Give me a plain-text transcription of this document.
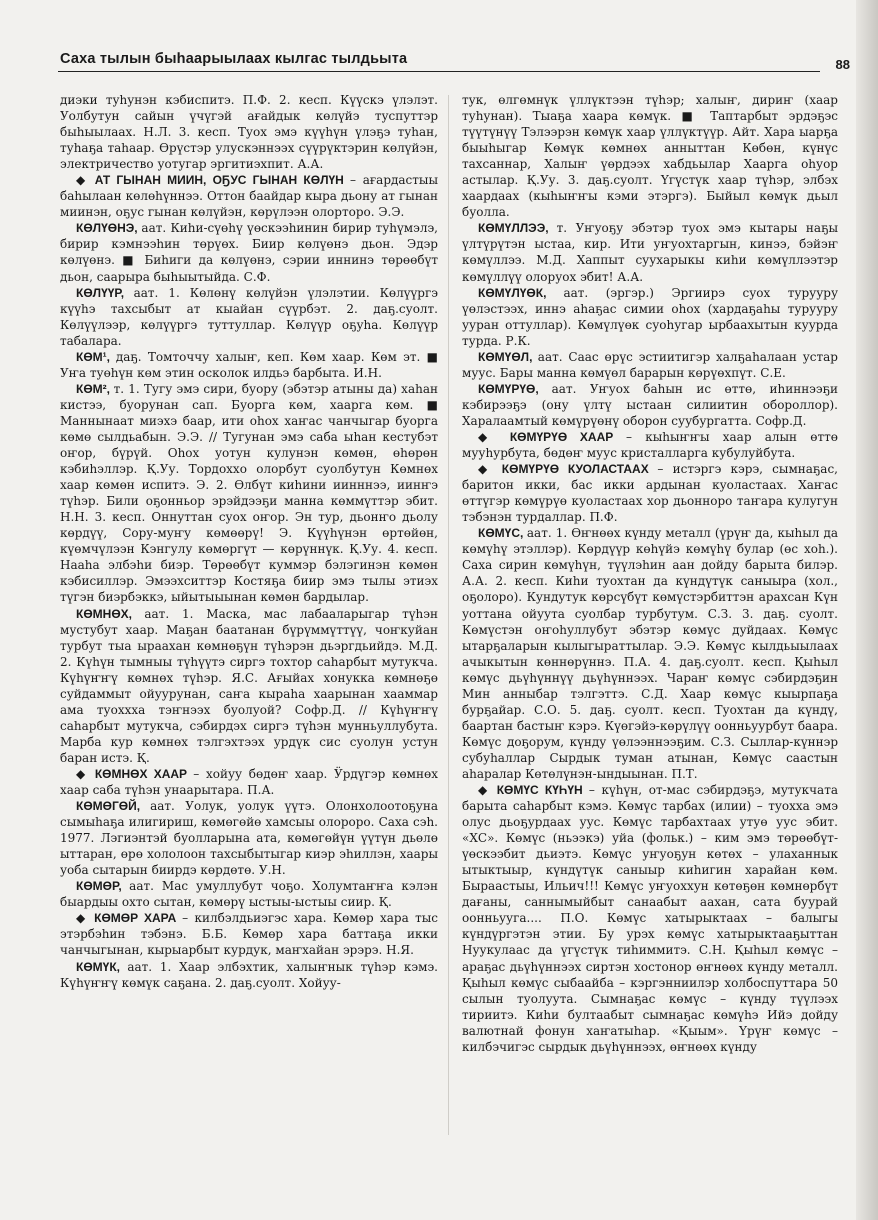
Саха тылын быһаарыылаах кылгас тылдьыта	88

диэки туһунэн кэбиспитэ. П.Ф. 2. кесп. Күүскэ үлэлэт. Уолбутун сайын үчүгэй ағайдык көлүйэ туспуттэр быһыылаах. Н.Л. 3. кесп. Туох эмэ күүһүн үлэҕэ туһан, туһаҕа таһаар. Өрүстэр улускэннээх сүүрүктэрин көлүйэн, электричество уотугар эргитиэхпит. А.А.

◆ АТ ГЫНАН МИИН, ОҔУС ГЫНАН КӨЛҮН – ағардастыы баһылаан көлөһүннээ. Оттон баайдар кыра дьону ат гынан миинэн, оҕус гынан көлүйэн, көрүлээн олорторо. Э.Э.

КӨЛҮӨНЭ, аат. Киһи-сүөһү үөскээһинин бирир туһүмэлэ, бирир кэмнээһин төрүөх. Биир көлүөнэ дьон. Эдэр көлүөнэ. ■ Биһиги да көлүөнэ, сэрии иннинэ төрөөбүт дьон, саарыра быһыытыйда. С.Ф.

КӨЛҮҮР, аат. 1. Көлөнү көлүйэн үлэлэтии. Көлүүргэ күүһэ тахсыбыт ат кыайан сүүрбэт. 2. даҕ.суолт. Көлүүлээр, көлүүргэ туттуллар. Көлүүр оҕуһа. Көлүүр табалара.

КӨМ¹, даҕ. Томточчу халыҥ, кеп. Көм хаар. Көм эт. ■ Уҥа туөһүн көм этин осколок илдьэ барбыта. И.Н.

КӨМ², т. 1. Тугу эмэ сири, буору (эбэтэр атыны да) хаһан кистээ, буорунан сап. Буорга көм, хаарга көм. ■ Маннынаат миэхэ баар, ити оһох хаҥас чанчыгар буорга көмө сылдьабын. Э.Э. // Тугунан эмэ саба ыһан кестубэт оҥор, бүрүй. Оһох уотун кулунэн көмөн, өһөрөн кэбиһэллэр. Қ.Уу. Тордоххо олорбут суолбутун Көмнөх хаар көмөн испитэ. Э. 2. Өлбүт киһини иинннээ, иинҥэ түһэр. Били оҕонньор эрэйдээҕи манна көммүттэр эбит. Н.Н. 3. кесп. Оннуттан суох оҥор. Эн тур, дьонҥо дьолу көрдүү, Сору-муҥу көмөөрү! Э. Күүһүнэн өртөйөн, күөмчүлээн Кэнгулу көмөргүт — көрүннүк. Қ.Уу. 4. кесп. Нааһа элбэһи биэр. Төрөөбүт куммэр бэлэгинэн көмөн кэбисиллэр. Эмээхситтэр Костяҕа биир эмэ тылы этиэх түгэн биэрбэккэ, ыйытыыынан көмөн бардылар.

КӨМНӨХ, аат. 1. Маска, мас лабааларыгар түһэн мустубут хаар. Маҕан баатанан бүрүммүттүү, чоҥкуйан турбут тыа ыраахан көмнөҕүн түһэрэн дьэргдьийдэ. М.Д. 2. Күһүн тымныы түһүүтэ сиргэ тохтор саһарбыт мутукча. Күһүҥҥү көмнөх түһэр. Я.С. Ағыйах хонукка көмнөҕө суйдаммыт ойуурунан, саҥа кыраһа хаарынан хааммар ама туоххха тэҥнээх буолуой? Софр.Д. // Күһүҥҥү саһарбыт мутукча, сэбирдэх сиргэ түһэн мунньуллубута. Марба кур көмнөх тэлгэхтээх урдүк сис суолун устун баран истэ. Қ.

◆ КӨМНӨХ ХААР – хойуу бөдөҥ хаар. Ӱрдүгэр көмнөх хаар саба түһэн унаарытара. П.А.

КӨМӨГӨЙ, аат. Уолук, уолук үүтэ. Олонхолоотоҕуна сымыһаҕа илигириш, көмөгөйө хамсыы олороро. Саха сэһ. 1977. Лэгиэнтэй буолларына ата, көмөгөйүн үүтүн дьөлө ыттаран, өрө хололоон тахсыбытыгар киэр эһиллэн, хаары уоба сытарын биирдэ көрдөтө. У.Н.

КӨМӨР, аат. Мас умуллубут чоҕо. Холумтаҥҥа кэлэн быардыы охто сытан, көмөрү ыстыы-ыстыы сиир. Қ.

◆ КӨМӨР ХАРА – килбэлдьиэгэс хара. Көмөр хара тыс этэрбэһин тэбэнэ. Б.Б. Көмөр хара баттаҕа икки чанчыгынан, кырыарбыт курдук, маҥхайан эрэрэ. Н.Я.

КӨМҮК, аат. 1. Хаар элбэхтик, халыҥнык түһэр кэмэ. Күһүҥҥү көмүк саҕана. 2. даҕ.суолт. Хойуу-

тук, өлгөмнүк үллүктээн түһэр; халыҥ, дириҥ (хаар туһунан). Тыаҕа хаара көмүк. ■ Таптарбыт эрдэҕэс түүтүнүү Тэлээрэн көмүк хаар үллүктүүр. Айт. Хара ыарҕа быыһыгар Көмүк көмнөх анныттан Көбөн, күнүс тахсаннар, Халыҥ үөрдээх хабдьылар Хаарга оһуор астылар. Қ.Уу. 3. даҕ.суолт. Үгүстүк хаар түһэр, элбэх хаардаах (кыһыҥҥы кэми этэргэ). Быйыл көмүк дьыл буолла.

КӨМҮЛЛЭЭ, т. Уҥуоҕу эбэтэр туох эмэ кытары наҕы үлтүрүтэн ыстаа, кир. Ити уҥуохтаргын, кинээ, бэйэҥ көмүллээ. М.Д. Хаппыт суухарыкы киһи көмүллээтэр көмүллүү олоруох эбит! А.А.

КӨМҮЛҮӨК, аат. (эргэр.) Эргиирэ суох турууру үөлэстээх, иннэ аһаҕас симии оһох (хардаҕаһы турууру ууран оттуллар). Көмүлүөк суоһугар ырбаахытын куурда турда. Р.К.

КӨМҮӨЛ, аат. Саас өрүс эстиитигэр халҕаһалаан устар муус. Бары манна көмүөл барарын көрүөхпүт. С.Е.

КӨМҮРҮӨ, аат. Уҥуох баһын ис өттө, иһиннээҕи кэбирээҕэ (ону үлтү ыстаан силиитин обороллор). Харалаамтый көмүрүөнү оборон суубургатта. Софр.Д.

◆ КӨМҮРҮӨ ХААР – кыһыҥҥы хаар алын өттө мууһурбута, бөдөҥ муус кристалларга кубулуйбута.

◆ КӨМҮРҮӨ КУОЛАСТААХ – истэргэ кэрэ, сымнаҕас, баритон икки, бас икки ардынан куоластаах. Хаҥас өттүгэр көмүрүө куоластаах хор дьонноро таҥара кулугун тэбэнэн турдаллар. П.Ф.

КӨМҮС, аат. 1. Өҥнөөх күнду металл (үрүҥ да, кыһыл да көмүһү этэллэр). Көрдүүр көһүйэ көмүһү булар (өс хоһ.). Саха сирин көмүһүн, түүлэһин аан дойду барыта билэр. А.А. 2. кесп. Киһи туохтан да күндүтүк саныыра (хол., оҕолоро). Кундутук көрсүбүт көмүстэрбиттэн арахсан Күн уоттана ойуута суолбар турбутум. С.З. 3. даҕ. суолт. Көмүстэн оҥоһуллубут эбэтэр көмүс дуйдаах. Көмүс ытарҕаларын кылыгыраттылар. Э.Э. Көмүс кылдьыылаах ачыкытын көннөрүннэ. П.А. 4. даҕ.суолт. кесп. Қыһыл көмүс дьүһүннүү дьүһүннээх. Чараҥ көмүс сэбирдэҕин Мин анныбар тэлгэттэ. С.Д. Хаар көмүс кыырпаҕа бурҕайар. С.О. 5. даҕ. суолт. кесп. Туохтан да күндү, баартан бастыҥ кэрэ. Күөгэйэ-көрүлүү оонньуурбут баара. Көмүс доҕорум, күнду үөлээннээҕим. С.З. Сыллар-күннэр субуһаллар Сырдык туман атынан, Көмүс саастын аһаралар Көтөлүнэн-ындыынан. П.Т.

◆ КӨМҮС КҮҺҮН – күһүн, от-мас сэбирдэҕэ, мутукчата барыта саһарбыт кэмэ. Көмүс тарбах (илии) – туохха эмэ олус дьоҕурдаах уус. Көмүс тарбахтаах утуө уус эбит. «ХС». Көмүс (ньээкэ) уйа (фольк.) – ким эмэ төрөөбүт-үөскээбит дьиэтэ. Көмүс уҥуоҕун көтөх – улаханнык ытыктыыр, күндүтүк саныыр киһигин харайан көм. Быраастыы, Ильич!!! Көмүс уҥуоххун көтөҕөн көмнөрбүт дағаны, саннымыйбыт санаабыт аахан, сата буурай оонньууга.... П.О. Көмүс хатырыктаах – балыгы күндүргэтэн этии. Бу урэх көмүс хатырыктааҕыттан Нуукулаас да үгүстүк тиһиммитэ. С.Н. Қыһыл көмүс – араҕас дьүһүннээх сиртэн хостонор өҥнөөх күнду металл. Қыһыл көмүс сыбаайба – кэргэнниилэр холбоспуттара 50 сылын туолуута. Сымнаҕас көмүс – күнду түүлээх тириитэ. Киһи бултаабыт сымнаҕас көмүһэ Ийэ дойду валютнай фонун хаҥатыһар. «Қыым». Үрүҥ көмүс – килбэчигэс сырдык дьүһүннээх, өҥнөөх күнду
